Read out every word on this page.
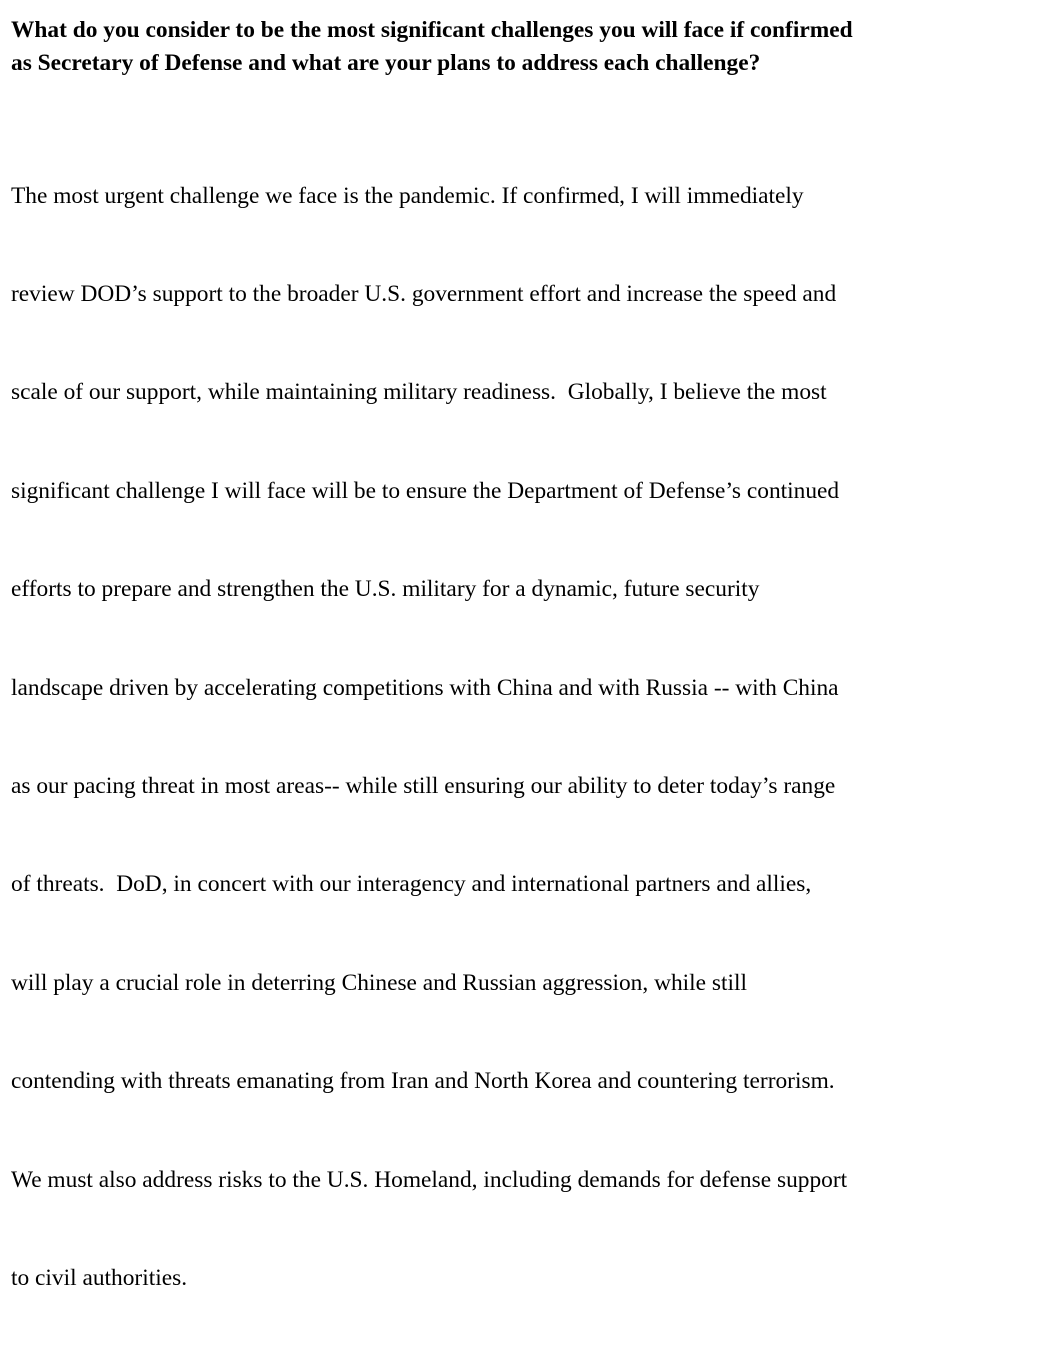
What do you consider to be the most significant challenges you will face if confirmed
as Secretary of Defense and what are your plans to address each challenge?

The most urgent challenge we face is the pandemic. If confirmed, I will immediately

review DOD’s support to the broader U.S. government effort and increase the speed and

scale of our support, while maintaining military readiness.  Globally, I believe the most

significant challenge I will face will be to ensure the Department of Defense’s continued

efforts to prepare and strengthen the U.S. military for a dynamic, future security

landscape driven by accelerating competitions with China and with Russia -- with China

as our pacing threat in most areas-- while still ensuring our ability to deter today’s range

of threats.  DoD, in concert with our interagency and international partners and allies,

will play a crucial role in deterring Chinese and Russian aggression, while still

contending with threats emanating from Iran and North Korea and countering terrorism.

We must also address risks to the U.S. Homeland, including demands for defense support

to civil authorities.
